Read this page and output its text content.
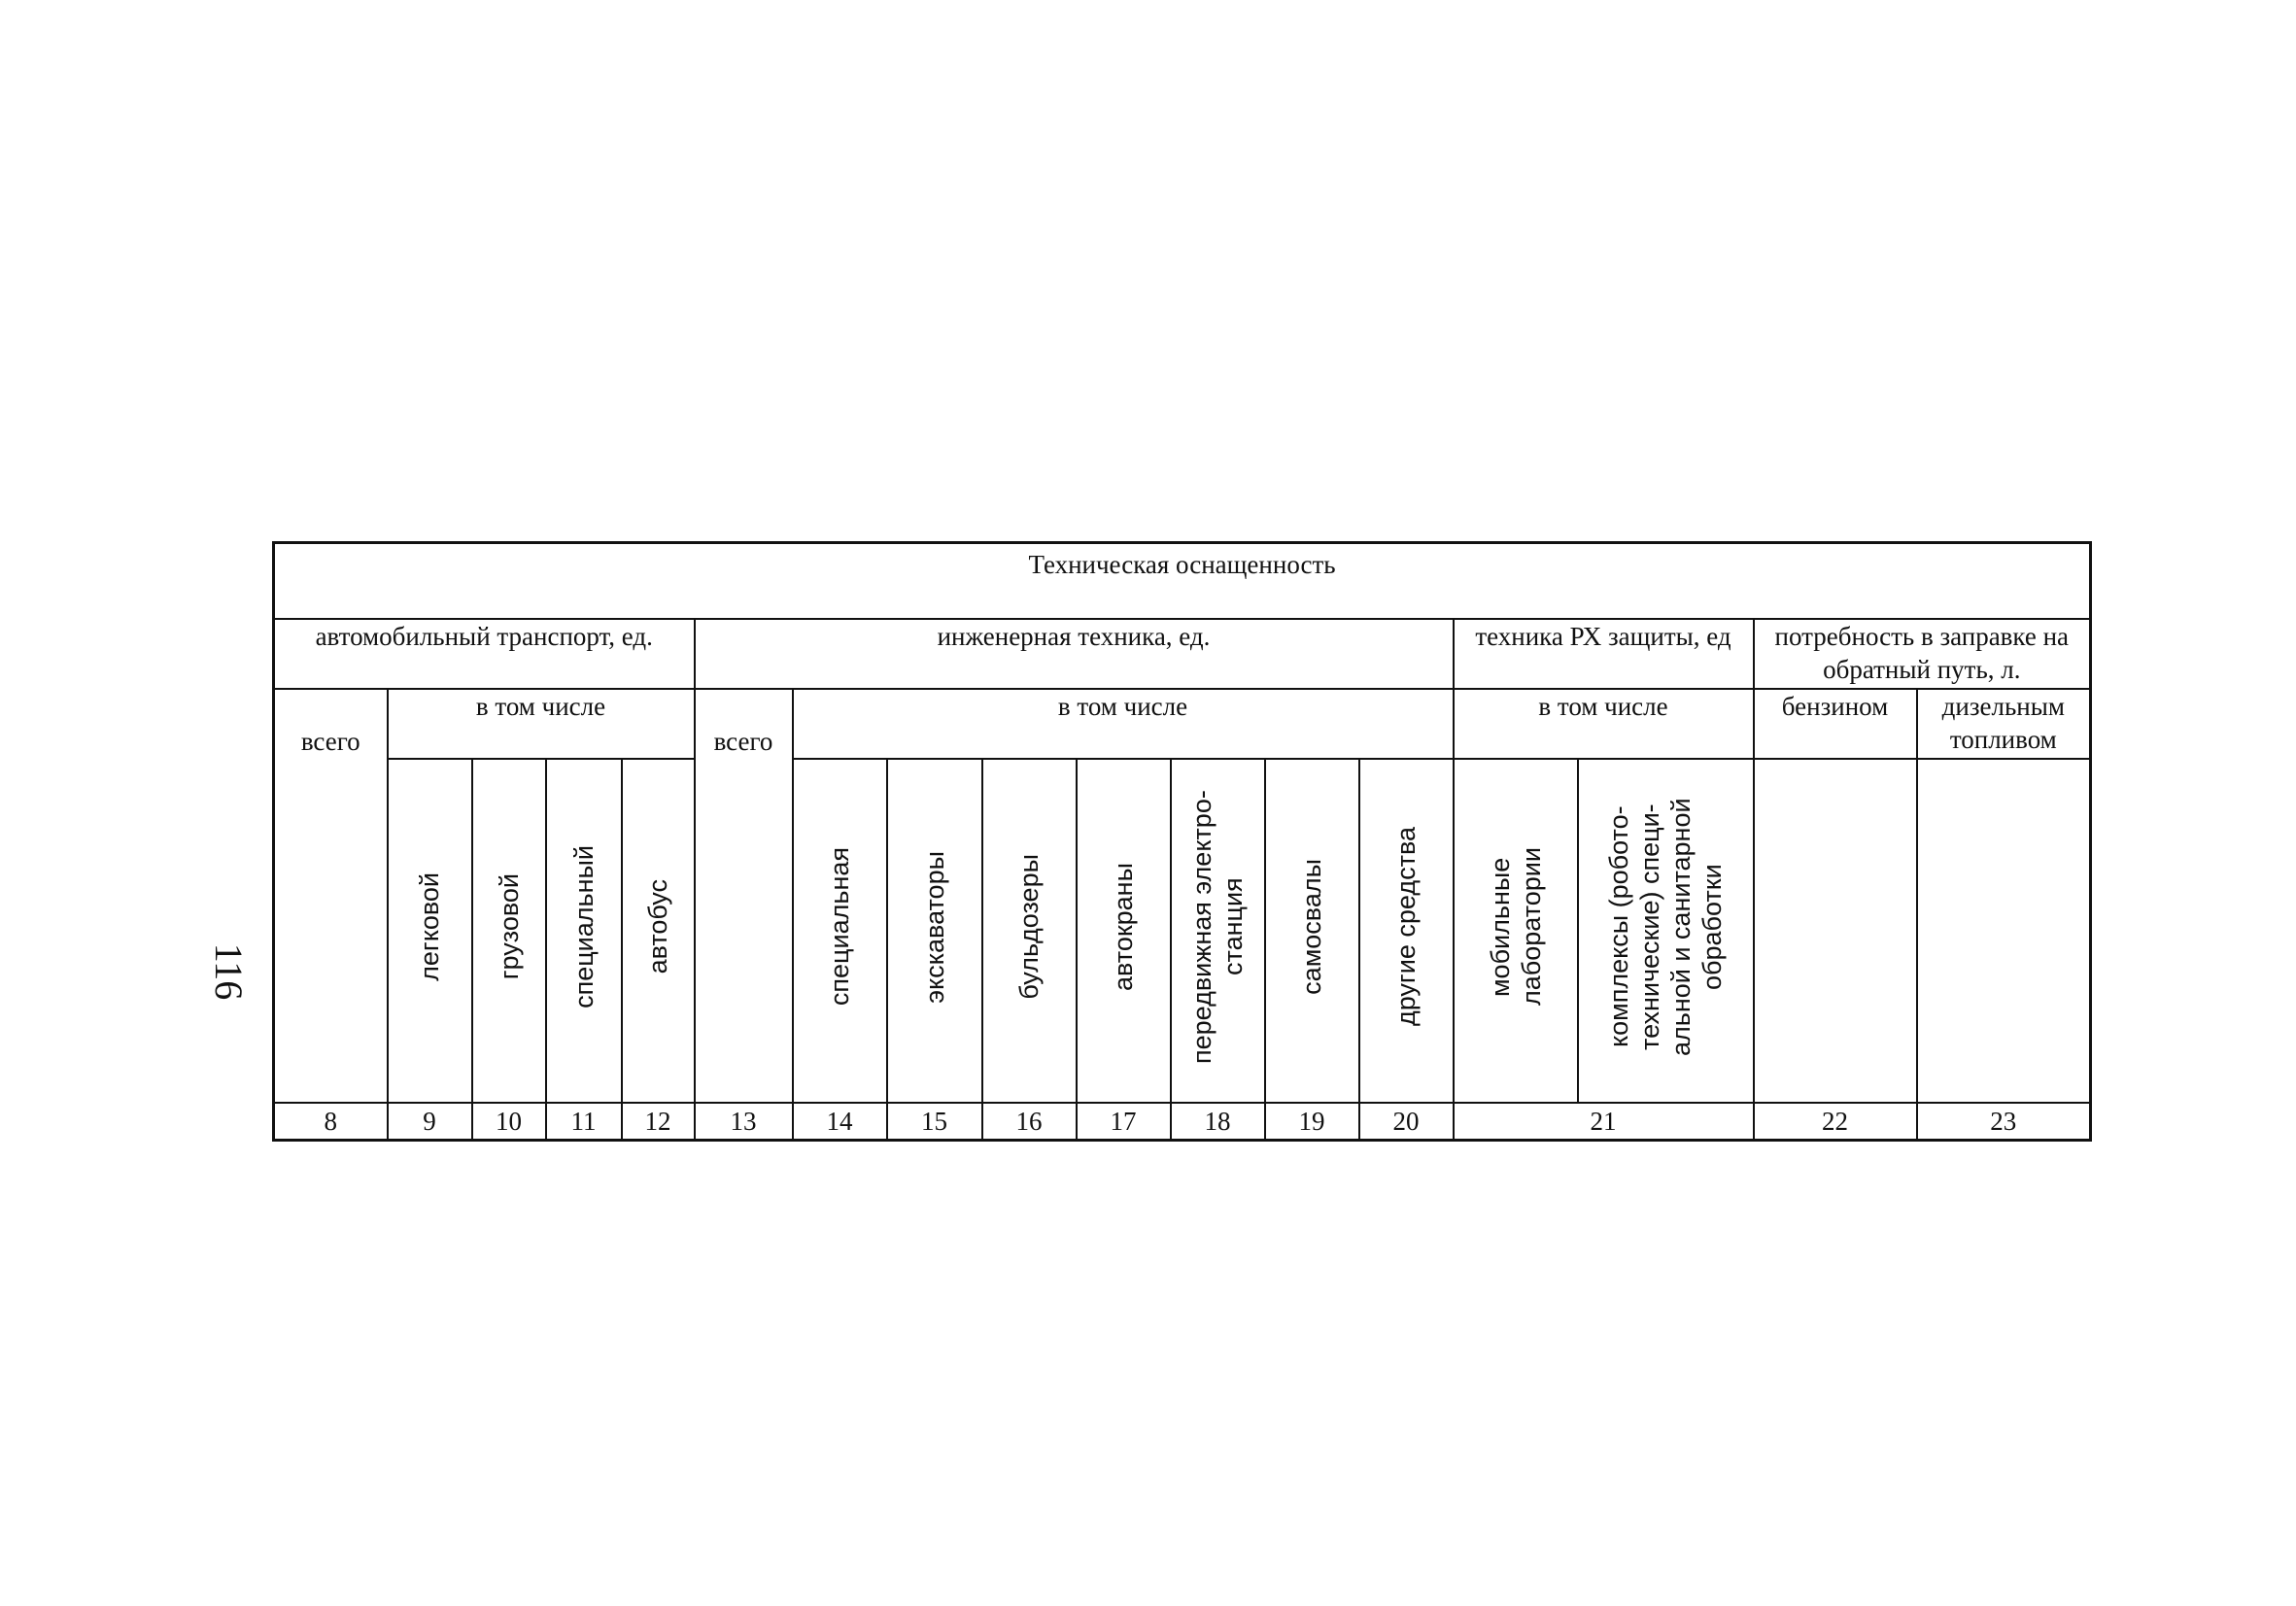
116
Техническая оснащенность																
автомобильный транспорт, ед.					инженерная техника, ед.								техника РХ защиты, ед		потребность в заправке на обратный путь, л.	
всего	в том числе				всего	в том числе							в том числе		бензином	дизельным топливом
	легковой	грузовой	специальный	автобус		специальная	экскаваторы	бульдозеры	автокраны	передвижная электро-станция	самосвалы	другие средства	мобильные лаборатории	комплексы (робото-технические) специ-альной и санитарной обработки		
8	9	10	11	12	13	14	15	16	17	18	19	20	21		22	23
